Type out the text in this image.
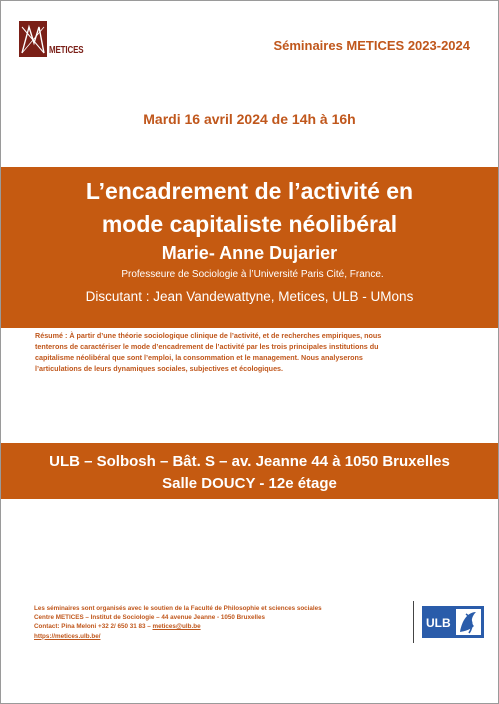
METICES	Séminaires METICES 2023-2024
Mardi 16 avril 2024 de 14h à 16h
L’encadrement de l’activité en
mode capitaliste néolibéral
Marie- Anne Dujarier
Professeure de Sociologie à l’Université Paris Cité, France.
Discutant : Jean Vandewattyne, Metices, ULB - UMons
Résumé : À partir d’une théorie sociologique clinique de l’activité, et de recherches empiriques, nous
tenterons de caractériser le mode d’encadrement de l’activité par les trois principales institutions du
capitalisme néolibéral que sont l’emploi, la consommation et le management. Nous analyserons
l’articulations de leurs dynamiques sociales, subjectives et écologiques.
ULB – Solbosh – Bât. S – av. Jeanne 44 à 1050 Bruxelles
Salle DOUCY - 12e étage
Les séminaires sont organisés avec le soutien de la Faculté de Philosophie et sciences sociales
Centre METICES – Institut de Sociologie – 44 avenue Jeanne - 1050 Bruxelles
Contact: Pina Meloni +32 2/ 650 31 83 – metices@ulb.be
https://metices.ulb.be/
ULB
